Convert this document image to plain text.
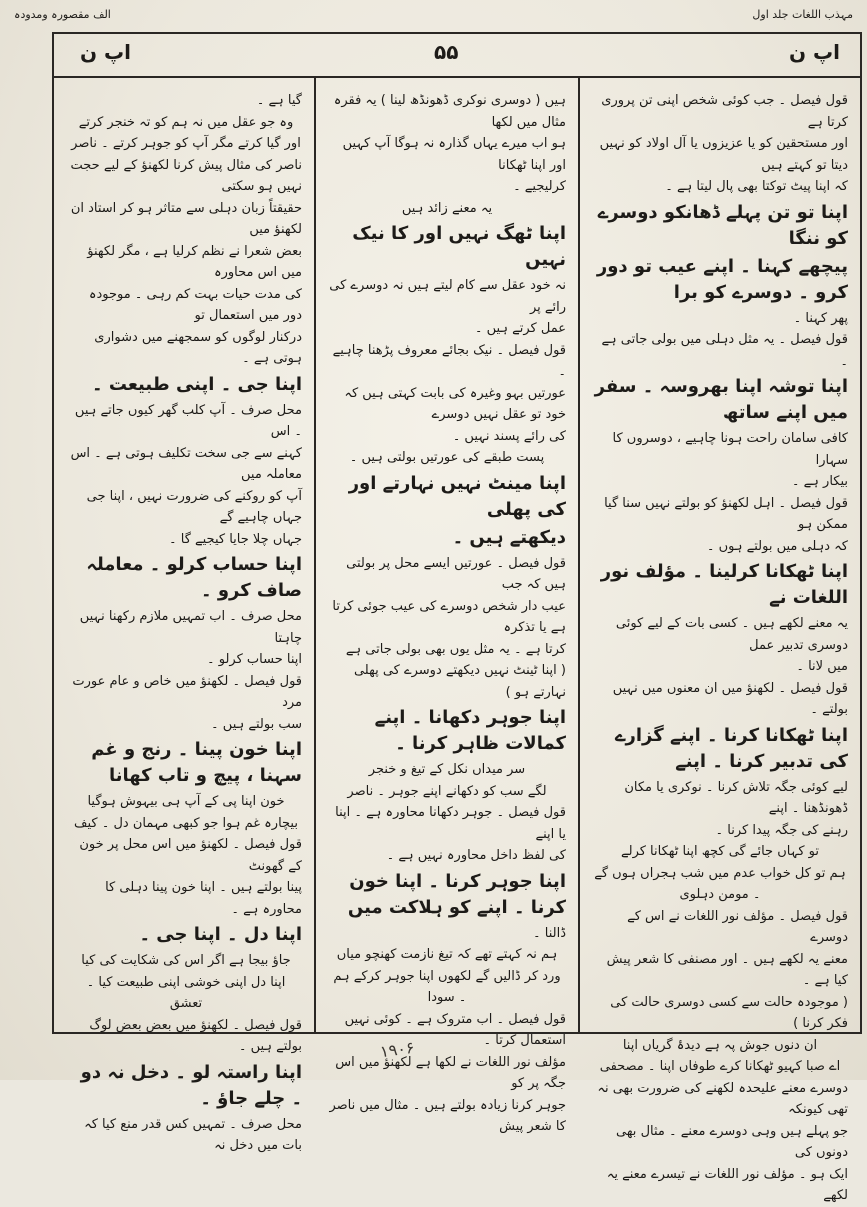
الف مقصورہ ومدودہ	مہذب اللغات جلد اول
اپ ن
۵۵
اپ ن

قول فیصل ۔ جب کوئی شخص اپنی تن پروری کرتا ہے

اور مستحقین کو یا عزیزوں یا آل اولاد کو نہیں دیتا تو کہتے ہیں

کہ اپنا پیٹ توکتا بھی پال لیتا ہے ۔

اپنا تو تن پہلے ڈھانکو دوسرے کو ننگا

پیچھے کہنا ۔ اپنے عیب تو دور کرو ۔ دوسرے کو برا

پھر کہنا ۔

قول فیصل ۔ یہ مثل دہلی میں بولی جاتی ہے ۔

اپنا توشہ اپنا بھروسہ ۔ سفر میں اپنے ساتھ

کافی سامان راحت ہونا چاہیے ، دوسروں کا سہارا

بیکار ہے ۔

قول فیصل ۔ اہل لکھنؤ کو بولتے نہیں سنا گیا ممکن ہو

کہ دہلی میں بولتے ہوں ۔

اپنا ٹھکانا کرلینا ۔ مؤلف نور اللغات نے

یہ معنے لکھے ہیں ۔ کسی بات کے لیے کوئی دوسری تدبیر عمل

میں لانا ۔

قول فیصل ۔ لکھنؤ میں ان معنوں میں نہیں بولتے ۔

اپنا ٹھکانا کرنا ۔ اپنے گزارے کی تدبیر کرنا ۔ اپنے

لیے کوئی جگہ تلاش کرنا ۔ نوکری یا مکان ڈھونڈھنا ۔ اپنے

رہنے کی جگہ پیدا کرنا ۔

تو کہاں جائے گی کچھ اپنا ٹھکانا کرلے

ہم تو کل خواب عدم میں شب ہجراں ہوں گے ۔ مومن دہلوی

قول فیصل ۔ مؤلف نور اللغات نے اس کے دوسرے

معنے یہ لکھے ہیں ۔ اور مصنفی کا شعر پیش کیا ہے ۔

( موجودہ حالت سے کسی دوسری حالت کی فکر کرنا )

ان دنوں جوش پہ ہے دیدۂ گریاں اپنا

اے صبا کہیو ٹھکانا کرے طوفاں اپنا ۔ مصحفی

دوسرے معنے علیحدہ لکھنے کی ضرورت بھی نہ تھی کیونکہ

جو پہلے ہیں وہی دوسرے معنے ۔ مثال بھی دونوں کی

ایک ہو ۔ مؤلف نور اللغات نے تیسرے معنے یہ لکھے

ہیں ( دوسری نوکری ڈھونڈھ لینا ) یہ فقرہ مثال میں لکھا

ہو اب میرے یہاں گذارہ نہ ہوگا آپ کہیں اور اپنا ٹھکانا

کرلیجیے ۔

یہ معنے زائد ہیں

اپنا ٹھگ نہیں اور کا نیک نہیں

نہ خود عقل سے کام لیتے ہیں نہ دوسرے کی رائے پر

عمل کرتے ہیں ۔

قول فیصل ۔ نیک بجائے معروف پڑھنا چاہیے ۔

عورتیں بہو وغیرہ کی بابت کہتی ہیں کہ خود تو عقل نہیں دوسرے

کی رائے پسند نہیں ۔

پست طبقے کی عورتیں بولتی ہیں ۔

اپنا مینٹ نہیں نہارتے اور کی پھلی

دیکھتے ہیں ۔

قول فیصل ۔ عورتیں ایسے محل پر بولتی ہیں کہ جب

عیب دار شخص دوسرے کی عیب جوئی کرتا ہے یا تذکرہ

کرتا ہے ۔ یہ مثل یوں بھی بولی جاتی ہے

( اپنا ٹینٹ نہیں دیکھتے دوسرے کی پھلی نہارتے ہو )

اپنا جوہر دکھانا ۔ اپنے کمالات ظاہر کرنا ۔

سر میداں نکل کے تیغ و خنجر

لگے سب کو دکھانے اپنے جوہر ۔ ناصر

قول فیصل ۔ جوہر دکھانا محاورہ ہے ۔ اپنا یا اپنے

کی لفظ داخل محاورہ نہیں ہے ۔

اپنا جوہر کرنا ۔ اپنا خون کرنا ۔ اپنے کو ہلاکت میں

ڈالنا ۔

ہم نہ کہتے تھے کہ تیغ نازمت کھنچو میاں

ورد کر ڈالیں گے لکھوں اپنا جوہر کرکے ہم ۔ سودا

قول فیصل ۔ اب متروک ہے ۔ کوئی نہیں استعمال کرتا ۔

مؤلف نور اللغات نے لکھا ہے لکھنؤ میں اس جگہ پر کو

جوہر کرنا زیادہ بولتے ہیں ۔ مثال میں ناصر کا شعر پیش

گیا ہے ۔

وہ جو عقل میں نہ ہم کو تہ خنجر کرتے

اور گیا کرتے مگر آپ کو جوہر کرتے ۔ ناصر

ناصر کی مثال پیش کرنا لکھنؤ کے لیے حجت نہیں ہو سکتی

حقیقتاً زبان دہلی سے متاثر ہو کر استاد ان لکھنؤ میں

بعض شعرا نے نظم کرلیا ہے ، مگر لکھنؤ میں اس محاورہ

کی مدت حیات بہت کم رہی ۔ موجودہ دور میں استعمال تو

درکنار لوگوں کو سمجھنے میں دشواری ہوتی ہے ۔

اپنا جی ۔ اپنی طبیعت ۔

محل صرف ۔ آپ کلب گھر کیوں جاتے ہیں ۔ اس

کہنے سے جی سخت تکلیف ہوتی ہے ۔ اس معاملہ میں

آپ کو روکنے کی ضرورت نہیں ، اپنا جی جہاں چاہیے گے

جہاں چلا جایا کیجیے گا ۔

اپنا حساب کرلو ۔ معاملہ صاف کرو ۔

محل صرف ۔ اب تمہیں ملازم رکھنا نہیں چاہتا

اپنا حساب کرلو ۔

قول فیصل ۔ لکھنؤ میں خاص و عام عورت مرد

سب بولتے ہیں ۔

اپنا خون پینا ۔ رنج و غم سہنا ، پیچ و تاب کھانا

خون اپنا پی کے آپ ہی بیہوش ہوگیا

بیچارہ غم ہوا جو کبھی مہمان دل ۔ کیف

قول فیصل ۔ لکھنؤ میں اس محل پر خون کے گھونٹ

پینا بولتے ہیں ۔ اپنا خون پینا دہلی کا محاورہ ہے ۔

اپنا دل ۔ اپنا جی ۔

جاؤ بیجا ہے اگر اس کی شکایت کی کیا

اپنا دل اپنی خوشی اپنی طبیعت کیا ۔ تعشق

قول فیصل ۔ لکھنؤ میں بعض بعض لوگ بولتے ہیں ۔

اپنا راستہ لو ۔ دخل نہ دو ۔ چلے جاؤ ۔

محل صرف ۔ تمہیں کس قدر منع کیا کہ بات میں دخل نہ

۱۹۰۶
